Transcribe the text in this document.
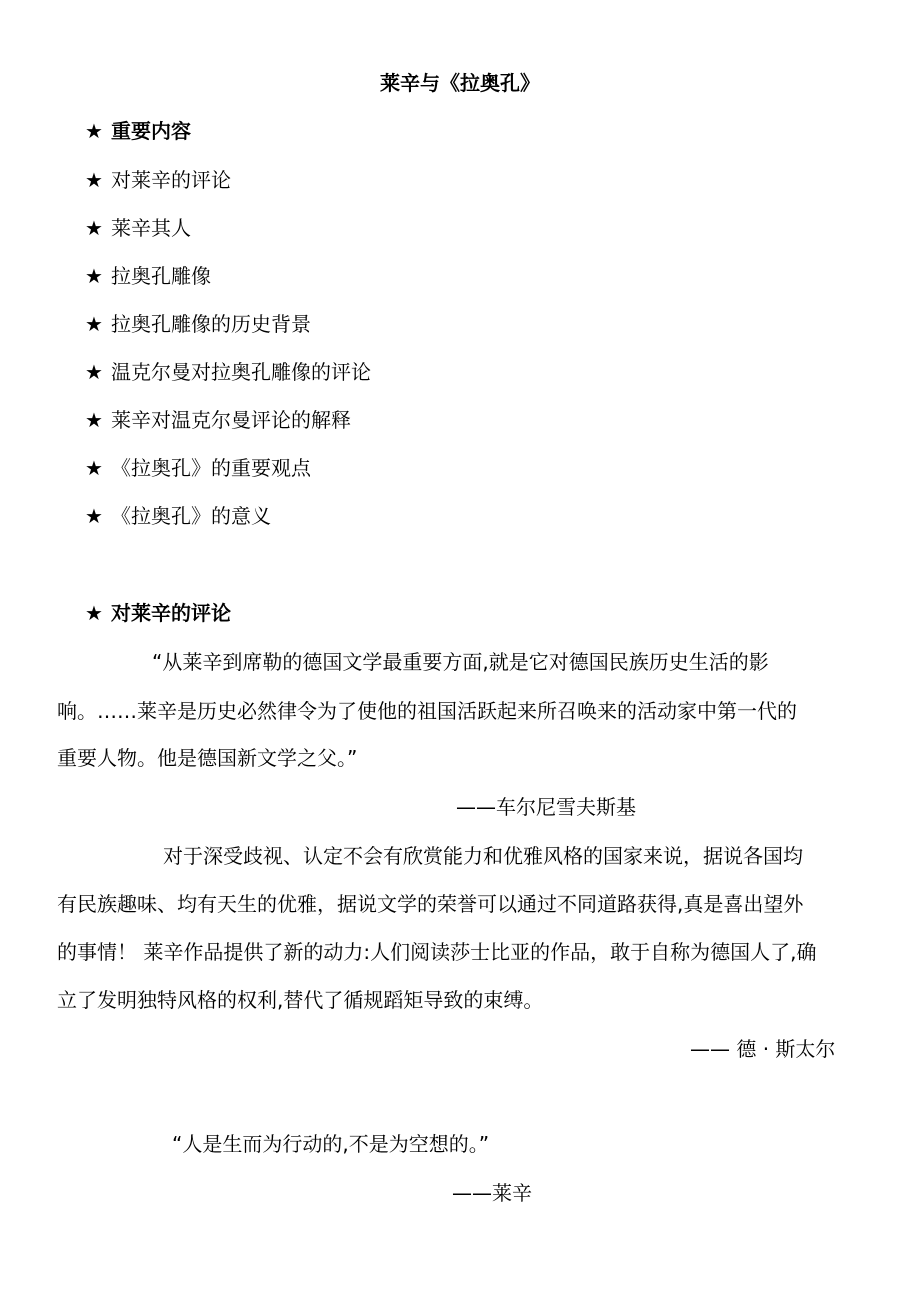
莱辛与《拉奥孔》
★ 重要内容
★ 对莱辛的评论
★ 莱辛其人
★ 拉奥孔雕像
★ 拉奥孔雕像的历史背景
★ 温克尔曼对拉奥孔雕像的评论
★ 莱辛对温克尔曼评论的解释
★ 《拉奥孔》的重要观点
★ 《拉奥孔》的意义
★ 对莱辛的评论
“从莱辛到席勒的德国文学最重要方面,就是它对德国民族历史生活的影
响。……莱辛是历史必然律令为了使他的祖国活跃起来所召唤来的活动家中第一代的
重要人物。他是德国新文学之父。”
——车尔尼雪夫斯基
对于深受歧视、认定不会有欣赏能力和优雅风格的国家来说，据说各国均
有民族趣味、均有天生的优雅，据说文学的荣誉可以通过不同道路获得,真是喜出望外
的事情！ 莱辛作品提供了新的动力:人们阅读莎士比亚的作品，敢于自称为德国人了,确
立了发明独特风格的权利,替代了循规蹈矩导致的束缚。
—— 德 · 斯太尔
“人是生而为行动的,不是为空想的。”
——莱辛
